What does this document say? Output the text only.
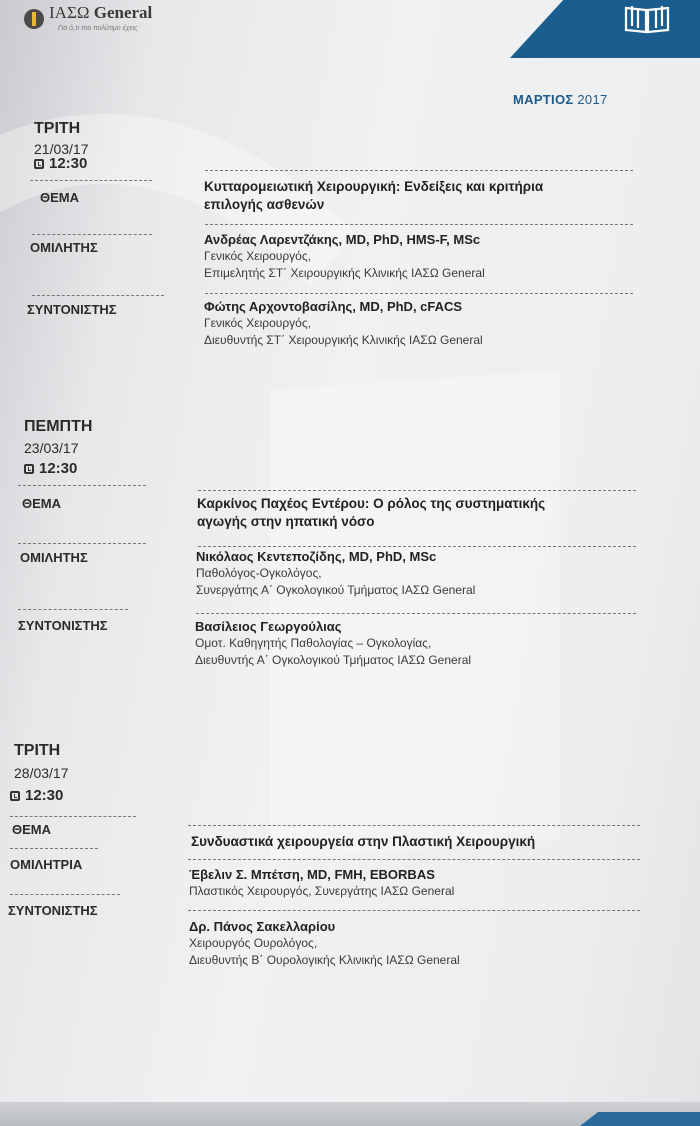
ΙΑΣΩ General
Για ό,τι πιο πολύτιμο έχεις
ΜΑΡΤΙΟΣ 2017
ΤΡΙΤΗ
21/03/17
12:30
ΘΕΜΑ
Κυτταρομειωτική Χειρουργική: Ενδείξεις και κριτήρια
επιλογής ασθενών
ΟΜΙΛΗΤΗΣ
Ανδρέας Λαρεντζάκης, MD, PhD, HMS-F, MSc
Γενικός Χειρουργός,
Επιμελητής ΣΤ΄ Χειρουργικής Κλινικής ΙΑΣΩ General
ΣΥΝΤΟΝΙΣΤΗΣ	Φώτης Αρχοντοβασίλης, MD, PhD, cFACS
Γενικός Χειρουργός,
Διευθυντής ΣΤ΄ Χειρουργικής Κλινικής ΙΑΣΩ General
ΠΕΜΠΤΗ
23/03/17
12:30
ΘΕΜΑ	Καρκίνος Παχέος Εντέρου: Ο ρόλος της συστηματικής
αγωγής στην ηπατική νόσο
ΟΜΙΛΗΤΗΣ	Νικόλαος Κεντεποζίδης, MD, PhD, MSc
Παθολόγος-Ογκολόγος,
Συνεργάτης Α΄ Ογκολογικού Τμήματος ΙΑΣΩ General
ΣΥΝΤΟΝΙΣΤΗΣ	Βασίλειος Γεωργούλιας
Ομοτ. Καθηγητής Παθολογίας – Ογκολογίας,
Διευθυντής Α΄ Ογκολογικού Τμήματος ΙΑΣΩ General
ΤΡΙΤΗ
28/03/17
12:30
ΘΕΜΑ
Συνδυαστικά χειρουργεία στην Πλαστική Χειρουργική
ΟΜΙΛΗΤΡΙΑ
Έβελιν Σ. Μπέτση, MD, FMH, EBORBAS
Πλαστικός Χειρουργός, Συνεργάτης ΙΑΣΩ General
ΣΥΝΤΟΝΙΣΤΗΣ
Δρ. Πάνος Σακελλαρίου
Χειρουργός Ουρολόγος,
Διευθυντής Β΄ Ουρολογικής Κλινικής ΙΑΣΩ General
